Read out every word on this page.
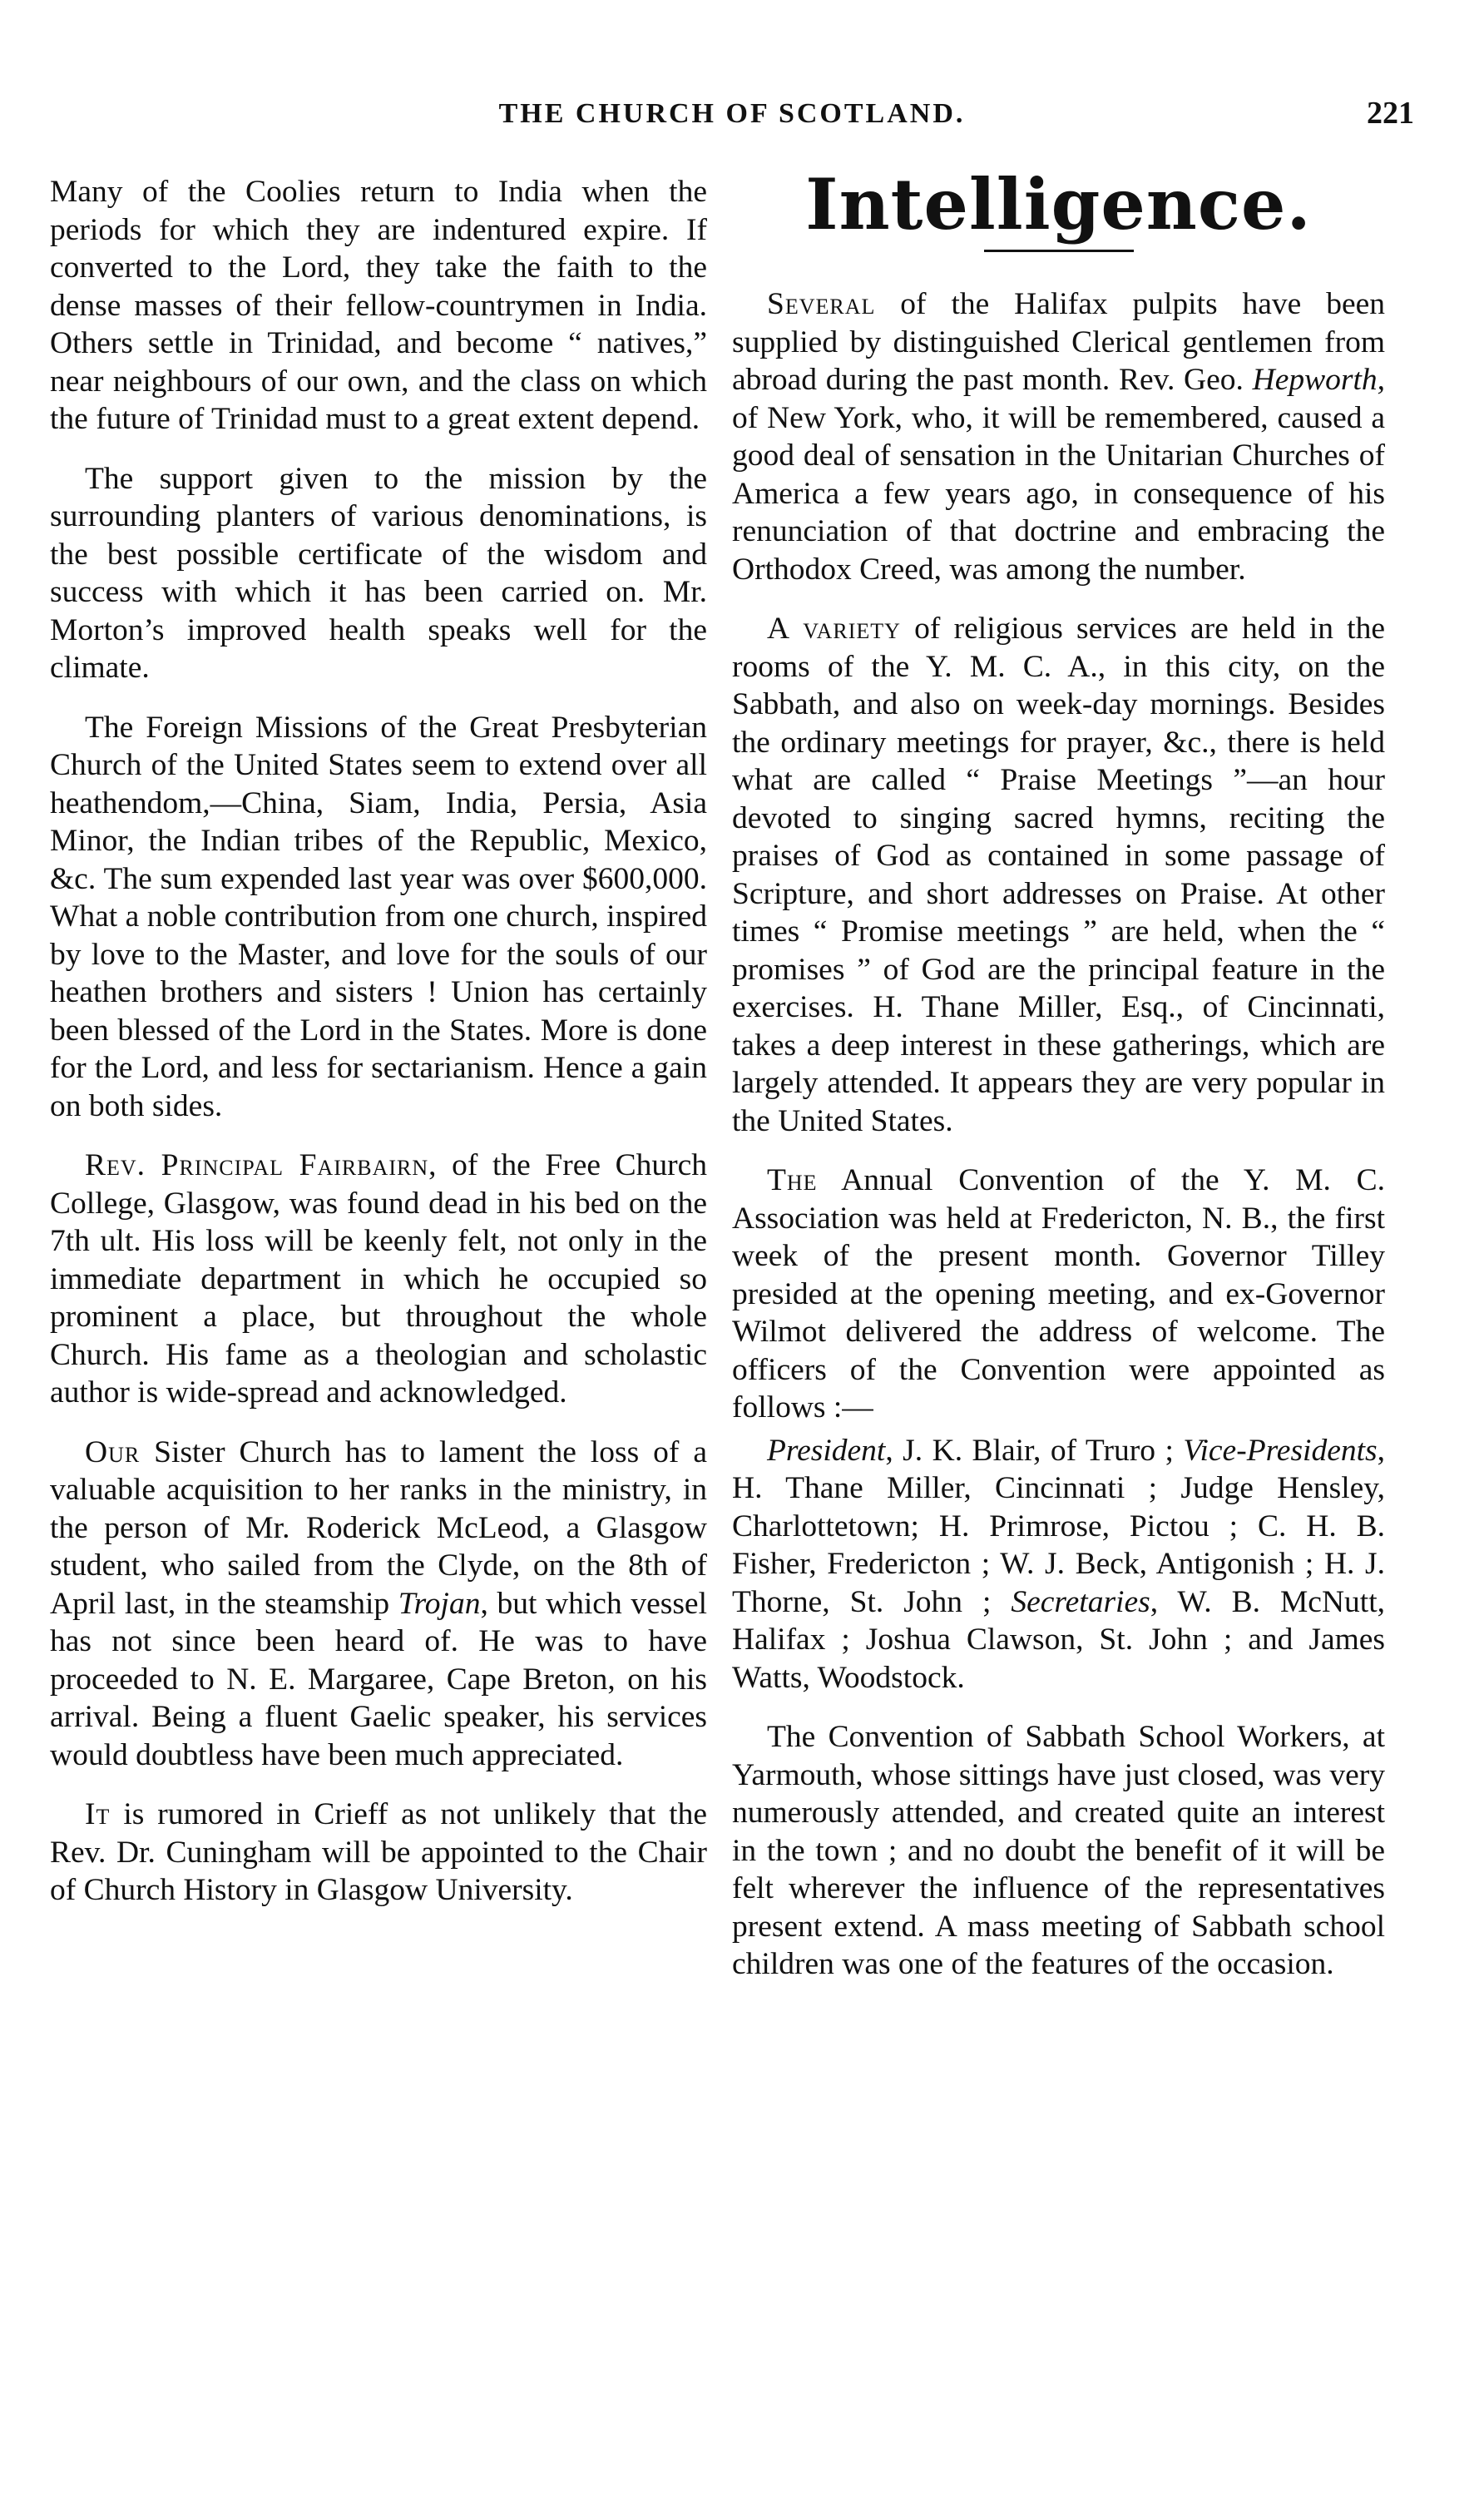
THE CHURCH OF SCOTLAND.	221

Many of the Coolies return to India when the periods for which they are indentured expire. If converted to the Lord, they take the faith to the dense masses of their fellow-countrymen in India. Others settle in Trinidad, and become “ natives,” near neighbours of our own, and the class on which the future of Trinidad must to a great extent depend.

The support given to the mission by the surrounding planters of various denominations, is the best possible certificate of the wisdom and success with which it has been carried on. Mr. Morton’s improved health speaks well for the climate.

The Foreign Missions of the Great Presbyterian Church of the United States seem to extend over all heathendom,—China, Siam, India, Persia, Asia Minor, the Indian tribes of the Republic, Mexico, &c. The sum expended last year was over $600,000. What a noble contribution from one church, inspired by love to the Master, and love for the souls of our heathen brothers and sisters ! Union has certainly been blessed of the Lord in the States. More is done for the Lord, and less for sectarianism. Hence a gain on both sides.

Rev. Principal Fairbairn, of the Free Church College, Glasgow, was found dead in his bed on the 7th ult. His loss will be keenly felt, not only in the immediate department in which he occupied so prominent a place, but throughout the whole Church. His fame as a theologian and scholastic author is wide-spread and acknowledged.

Our Sister Church has to lament the loss of a valuable acquisition to her ranks in the ministry, in the person of Mr. Roderick McLeod, a Glasgow student, who sailed from the Clyde, on the 8th of April last, in the steamship Trojan, but which vessel has not since been heard of. He was to have proceeded to N. E. Margaree, Cape Breton, on his arrival. Being a fluent Gaelic speaker, his services would doubtless have been much appreciated.

It is rumored in Crieff as not unlikely that the Rev. Dr. Cuningham will be appointed to the Chair of Church History in Glasgow University.

Intelligence.

Several of the Halifax pulpits have been supplied by distinguished Clerical gentlemen from abroad during the past month. Rev. Geo. Hepworth, of New York, who, it will be remembered, caused a good deal of sensation in the Unitarian Churches of America a few years ago, in consequence of his renunciation of that doctrine and embracing the Orthodox Creed, was among the number.

A variety of religious services are held in the rooms of the Y. M. C. A., in this city, on the Sabbath, and also on week-day mornings. Besides the ordinary meetings for prayer, &c., there is held what are called “ Praise Meetings ”—an hour devoted to singing sacred hymns, reciting the praises of God as contained in some passage of Scripture, and short addresses on Praise. At other times “ Promise meetings ” are held, when the “ promises ” of God are the principal feature in the exercises. H. Thane Miller, Esq., of Cincinnati, takes a deep interest in these gatherings, which are largely attended. It appears they are very popular in the United States.

The Annual Convention of the Y. M. C. Association was held at Fredericton, N. B., the first week of the present month. Governor Tilley presided at the opening meeting, and ex-Governor Wilmot delivered the address of welcome. The officers of the Convention were appointed as follows :—

President, J. K. Blair, of Truro ; Vice-Presidents, H. Thane Miller, Cincinnati ; Judge Hensley, Charlottetown; H. Primrose, Pictou ; C. H. B. Fisher, Fredericton ; W. J. Beck, Antigonish ; H. J. Thorne, St. John ; Secretaries, W. B. McNutt, Halifax ; Joshua Clawson, St. John ; and James Watts, Woodstock.

The Convention of Sabbath School Workers, at Yarmouth, whose sittings have just closed, was very numerously attended, and created quite an interest in the town ; and no doubt the benefit of it will be felt wherever the influence of the representatives present extend. A mass meeting of Sabbath school children was one of the features of the occasion.
